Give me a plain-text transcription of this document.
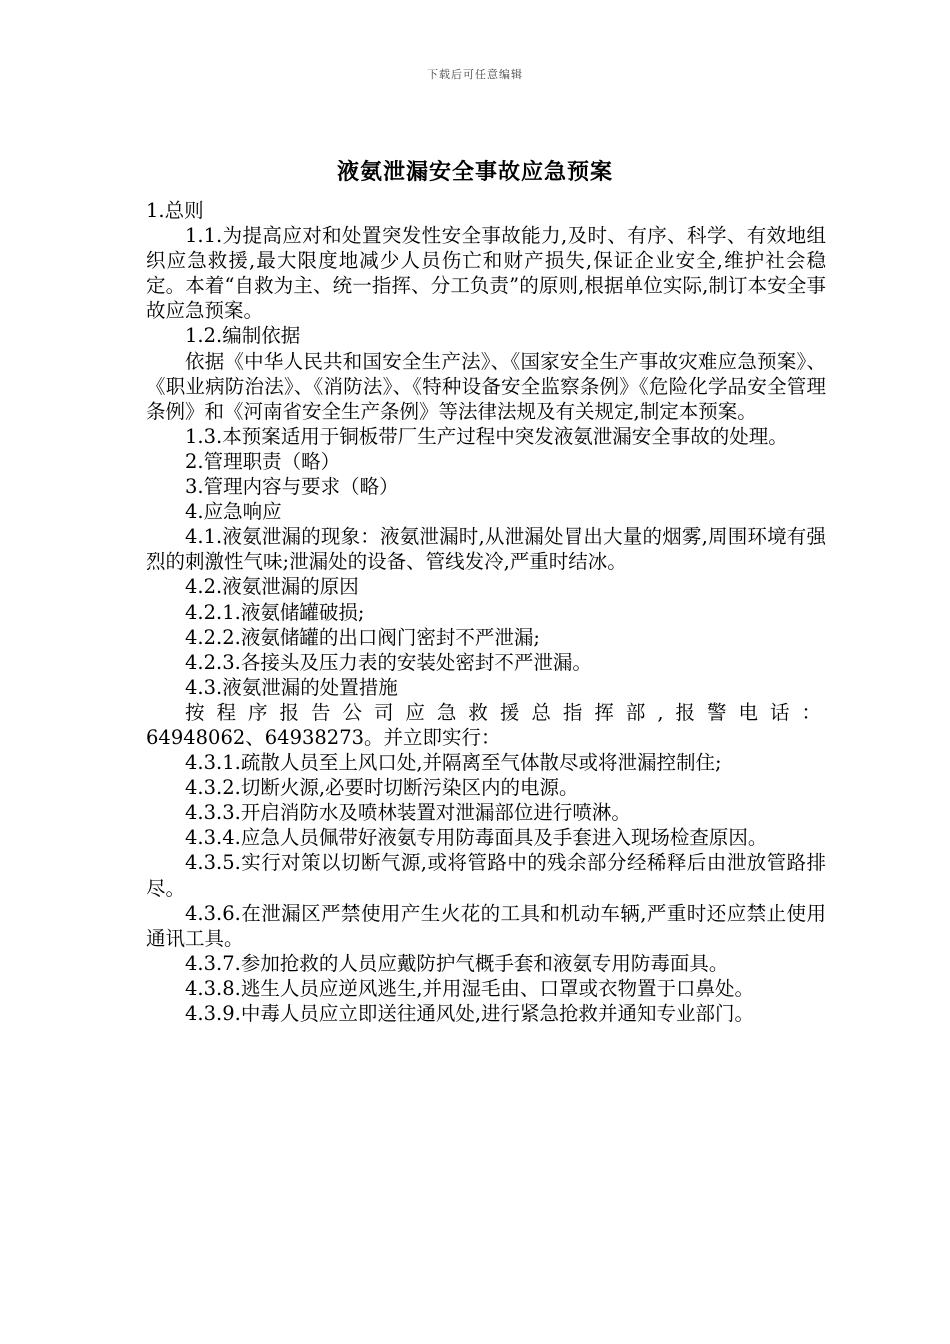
下载后可任意编辑
液氨泄漏安全事故应急预案

1.总则

1.1.为提高应对和处置突发性安全事故能力,及时、有序、科学、有效地组织应急救援,最大限度地减少人员伤亡和财产损失,保证企业安全,维护社会稳定。本着“自救为主、统一指挥、分工负责”的原则,根据单位实际,制订本安全事故应急预案。

1.2.编制依据

依据《中华人民共和国安全生产法》、《国家安全生产事故灾难应急预案》、《职业病防治法》、《消防法》、《特种设备安全监察条例》《危险化学品安全管理条例》和《河南省安全生产条例》等法律法规及有关规定,制定本预案。

1.3.本预案适用于铜板带厂生产过程中突发液氨泄漏安全事故的处理。

2.管理职责（略）

3.管理内容与要求（略）

4.应急响应

4.1.液氨泄漏的现象：液氨泄漏时,从泄漏处冒出大量的烟雾,周围环境有强烈的刺激性气味;泄漏处的设备、管线发冷,严重时结冰。

4.2.液氨泄漏的原因

4.2.1.液氨储罐破损;

4.2.2.液氨储罐的出口阀门密封不严泄漏;

4.2.3.各接头及压力表的安装处密封不严泄漏。

4.3.液氨泄漏的处置措施

按程序报告公司应急救援总指挥部,报警电话：

64948062、64938273。并立即实行：

4.3.1.疏散人员至上风口处,并隔离至气体散尽或将泄漏控制住;

4.3.2.切断火源,必要时切断污染区内的电源。

4.3.3.开启消防水及喷林装置对泄漏部位进行喷淋。

4.3.4.应急人员佩带好液氨专用防毒面具及手套进入现场检查原因。

4.3.5.实行对策以切断气源,或将管路中的残余部分经稀释后由泄放管路排尽。

4.3.6.在泄漏区严禁使用产生火花的工具和机动车辆,严重时还应禁止使用通讯工具。

4.3.7.参加抢救的人员应戴防护气概手套和液氨专用防毒面具。

4.3.8.逃生人员应逆风逃生,并用湿毛由、口罩或衣物置于口鼻处。

4.3.9.中毒人员应立即送往通风处,进行紧急抢救并通知专业部门。
